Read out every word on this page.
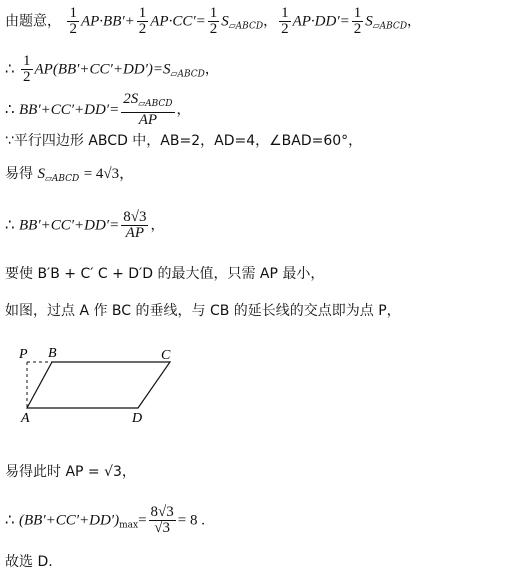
由题意， $\frac{1}{2} AP\cdot BB'+ \frac{1}{2} AP\cdot CC'= \frac{1}{2} S_{▱ABCD}$， $\frac{1}{2} AP\cdot DD'= \frac{1}{2} S_{▱ABCD}$，
∴ $\frac{1}{2} AP(BB'+CC'+DD')=S_{▱ABCD}$，
∴ $BB'+CC'+DD'= \frac{2S_{▱ABCD}}{AP}$ ，
∵平行四边形 ABCD 中，AB=2，AD=4，∠BAD=60°，
易得 $S_{▱ABCD} = 4√3$，
∴ $BB'+CC'+DD'= \frac{8√3}{AP}$ ，
要使 B′B + C′ C + D′D 的最大值，只需 AP 最小，
如图，过点 A 作 BC 的垂线，与 CB 的延长线的交点即为点 P，
P B	C
A	D
易得此时 AP = √3，
∴ $(BB'+CC'+DD')_{max}= \frac{8√3}{√3} = 8$ .
故选 D.
